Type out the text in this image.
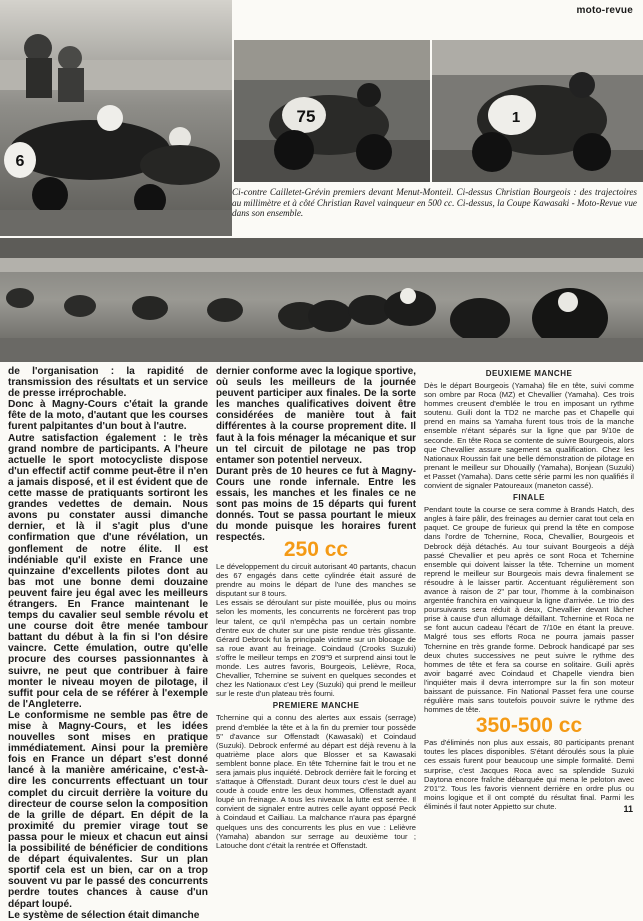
moto-revue
6
75	1

Ci-contre Cailletet-Grévin premiers devant Menut-Monteil. Ci-dessus Christian Bourgeois : des trajectoires au millimètre et à côté Christian Ravel vainqueur en 500 cc. Ci-dessus, la Coupe Kawasaki - Moto-Revue vue dans son ensemble.

de l'organisation : la rapidité de transmission des résultats et un service de presse irréprochable.

Donc à Magny-Cours c'était la grande fête de la moto, d'autant que les courses furent palpitantes d'un bout à l'autre.

Autre satisfaction également : le très grand nombre de participants. A l'heure actuelle le sport motocycliste dispose d'un effectif actif comme peut-être il n'en a jamais disposé, et il est évident que de cette masse de pratiquants sortiront les grandes vedettes de demain. Nous avons pu constater aussi dimanche dernier, et là il s'agit plus d'une confirmation que d'une révélation, un gonflement de notre élite. Il est indéniable qu'il existe en France une quinzaine d'excellents pilotes dont au bas mot une bonne demi douzaine peuvent faire jeu égal avec les meilleurs étrangers. En France maintenant le temps du cavalier seul semble révolu et une course doit être menée tambour battant du début à la fin si l'on désire vaincre. Cette émulation, outre qu'elle procure des courses passionnantes à suivre, ne peut que contribuer à faire monter le niveau moyen de pilotage, il suffit pour cela de se référer à l'exemple de l'Angleterre.

Le conformisme ne semble pas être de mise à Magny-Cours, et les idées nouvelles sont mises en pratique immédiatement. Ainsi pour la première fois en France un départ s'est donné lancé à la manière américaine, c'est-à-dire les concurrents effectuant un tour complet du circuit derrière la voiture du directeur de course selon la composition de la grille de départ. En dépit de la proximité du premier virage tout se passa pour le mieux et chacun eut ainsi la possibilité de bénéficier de conditions de départ équivalentes. Sur un plan sportif cela est un bien, car on a trop souvent vu par le passé des concurrents perdre toutes chances à cause d'un départ loupé.

Le système de sélection était dimanche

dernier conforme avec la logique sportive, où seuls les meilleurs de la journée peuvent participer aux finales. De la sorte les manches qualificatives doivent être considérées de manière tout à fait différentes à la course proprement dite. Il faut à la fois ménager la mécanique et sur un tel circuit de pilotage ne pas trop entamer son potentiel nerveux.

Durant près de 10 heures ce fut à Magny-Cours une ronde infernale. Entre les essais, les manches et les finales ce ne sont pas moins de 15 départs qui furent donnés. Tout se passa pourtant le mieux du monde puisque les horaires furent respectés.

250 cc

Le développement du circuit autorisant 40 partants, chacun des 67 engagés dans cette cylindrée était assuré de prendre au moins le départ de l'une des manches se disputant sur 8 tours.

Les essais se déroulant sur piste mouillée, plus ou moins selon les moments, les concurrents ne forcèrent pas trop leur talent, ce qu'il n'empêcha pas un certain nombre d'entre eux de chuter sur une piste rendue très glissante. Gérard Debrock fut la principale victime sur un blocage de sa roue avant au freinage. Coindaud (Crooks Suzuki) s'offre le meilleur temps en 2'09"9 et surprend ainsi tout le monde. Les autres favoris, Bourgeois, Lelièvre, Roca, Chevallier, Tchernine se suivent en quelques secondes et chez les Nationaux c'est Ley (Suzuki) qui prend le meilleur sur le reste d'un plateau très fourni.

PREMIERE MANCHE

Tchernine qui a connu des alertes aux essais (serrage) prend d'emblée la tête et à la fin du premier tour possède 5" d'avance sur Offenstadt (Kawasaki) et Coindaud (Suzuki). Debrock enfermé au départ est déjà revenu à la quatrième place alors que Blosser et sa Kawasaki semblent bonne place. En tête Tchernine fait le trou et ne sera jamais plus inquiété. Debrock derrière fait le forcing et s'attaque à Offenstadt. Durant deux tours c'est le duel au coude à coude entre les deux hommes, Offenstadt ayant loupé un freinage. A tous les niveaux la lutte est serrée. Il convient de signaler entre autres celle ayant opposé Peck à Coindaud et Cailliau. La malchance n'aura pas épargné quelques uns des concurrents les plus en vue : Lelièvre (Yamaha) abandon sur serrage au deuxième tour ; Latouche dont c'était la rentrée et Offenstadt.

DEUXIEME MANCHE

Dès le départ Bourgeois (Yamaha) file en tête, suivi comme son ombre par Roca (MZ) et Chevallier (Yamaha). Ces trois hommes creusent d'emblée le trou en imposant un rythme soutenu. Guili dont la TD2 ne marche pas et Chapelle qui prend en mains sa Yamaha furent tous trois de la manche ensemble n'étant séparés sur la ligne que par 9/10e de seconde. En tête Roca se contente de suivre Bourgeois, alors que Chevallier assure sagement sa qualification. Chez les Nationaux Roussin fait une belle démonstration de pilotage en prenant le meilleur sur Dhouailly (Yamaha), Bonjean (Suzuki) et Passet (Yamaha). Dans cette série parmi les non qualifiés il convient de signaler Patoureaux (maneton cassé).

FINALE

Pendant toute la course ce sera comme à Brands Hatch, des angles à faire pâlir, des freinages au dernier carat tout cela en paquet. Ce groupe de furieux qui prend la tête en compose dans l'ordre de Tchernine, Roca, Chevallier, Bourgeois et Debrock déjà détachés. Au tour suivant Bourgeois a déjà passé Chevallier et peu après ce sont Roca et Tchernine ensemble qui doivent laisser la tête. Tchernine un moment reprend le meilleur sur Bourgeois mais devra finalement se résoudre à le laisser partir. Accentuant régulièrement son avance à raison de 2" par tour, l'homme à la combinaison argentée franchira en vainqueur la ligne d'arrivée. Le trio des poursuivants sera réduit à deux, Chevallier devant lâcher prise à cause d'un allumage défaillant. Tchernine et Roca ne se font aucun cadeau l'écart de 7/10e en étant la preuve. Malgré tous ses efforts Roca ne pourra jamais passer Tchernine en très grande forme. Debrock handicapé par ses deux chutes successives ne peut suivre le rythme des hommes de tête et fera sa course en solitaire. Guili après avoir bagarré avec Coindaud et Chapelle viendra bien l'inquiéter mais il devra interrompre sur la fin son moteur baissant de puissance. Fin National Passet fera une course régulière mais sans toutefois pouvoir suivre le rythme des hommes de tête.

350-500 cc

Pas d'éliminés non plus aux essais, 80 participants prenant toutes les places disponibles. S'étant déroulés sous la pluie ces essais furent pour beaucoup une simple formalité. Demi surprise, c'est Jacques Roca avec sa splendide Suzuki Daytona encore fraîche débarquée qui mena le peloton avec 2'01"2. Tous les favoris viennent derrière en ordre plus ou moins logique et il ont compté du résultat final. Parmi les éliminés il faut noter Appietto sur chute.	11
